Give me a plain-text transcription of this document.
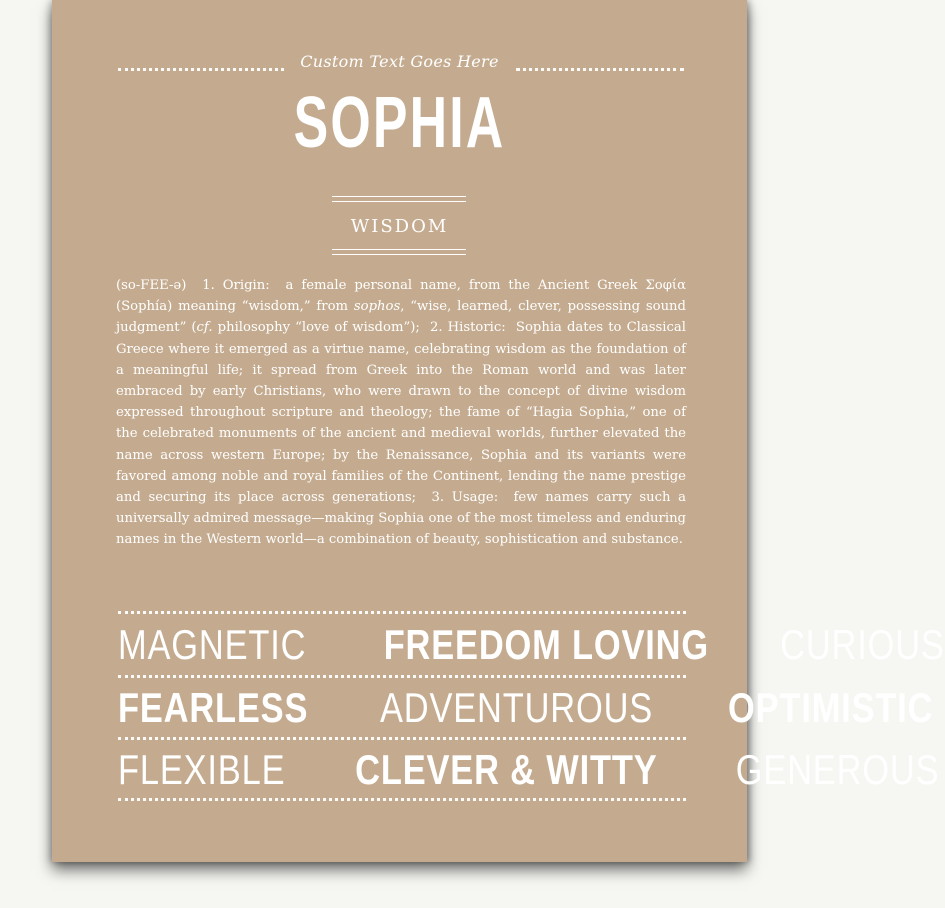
Custom Text Goes Here
SOPHIA
WISDOM
(so-FEE-ə) 1. Origin: a female personal name, from the Ancient Greek Σοφία (Sophía) meaning “wisdom,” from sophos, “wise, learned, clever, possessing sound judgment” (cf. philosophy “love of wisdom”); 2. Historic: Sophia dates to Classical Greece where it emerged as a virtue name, celebrating wisdom as the foundation of a meaningful life; it spread from Greek into the Roman world and was later embraced by early Christians, who were drawn to the concept of divine wisdom expressed throughout scripture and theology; the fame of “Hagia Sophia,” one of the celebrated monuments of the ancient and medieval worlds, further elevated the name across western Europe; by the Renaissance, Sophia and its variants were favored among noble and royal families of the Continent, lending the name prestige and securing its place across generations; 3. Usage: few names carry such a universally admired message—making Sophia one of the most timeless and enduring names in the Western world—a combination of beauty, sophistication and substance.
MAGNETIC FREEDOM LOVING CURIOUS
FEARLESS ADVENTUROUS OPTIMISTIC
FLEXIBLE CLEVER & WITTY GENEROUS
